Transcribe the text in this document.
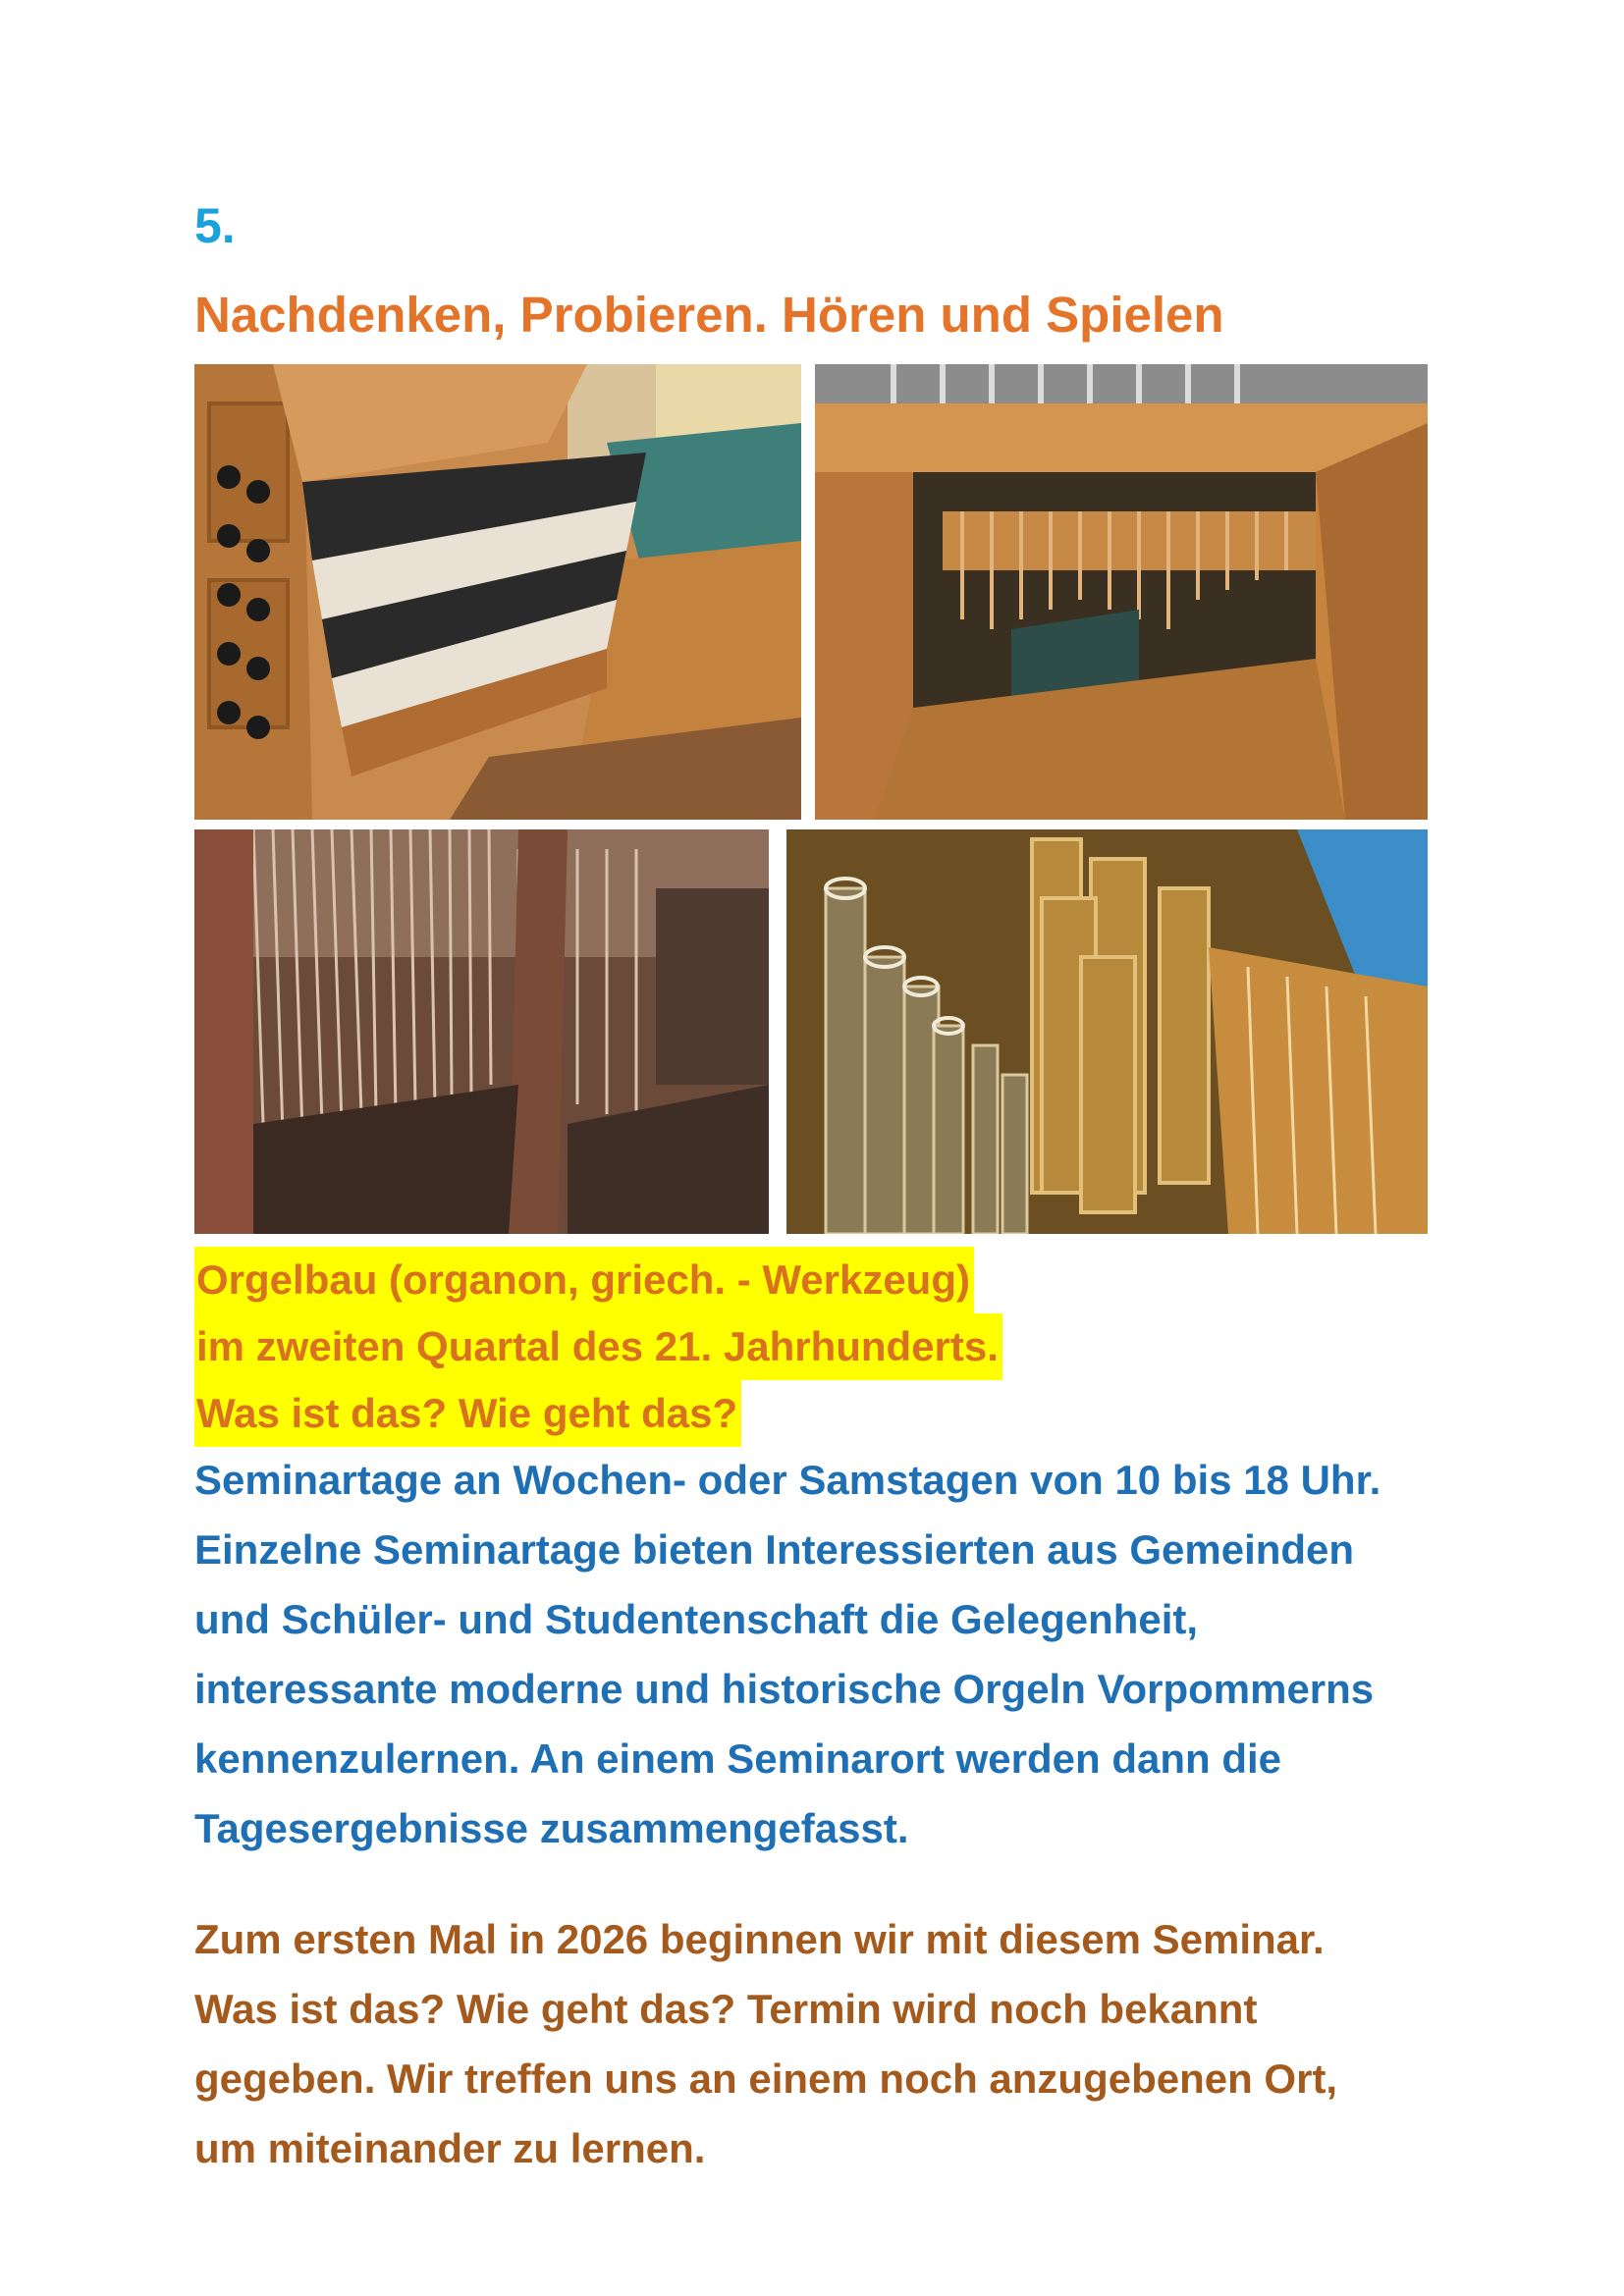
5.
Nachdenken, Probieren. Hören und Spielen
Orgelbau (organon, griech. - Werkzeug)
im zweiten Quartal des 21. Jahrhunderts.
Was ist das? Wie geht das?
Seminartage an Wochen- oder Samstagen von 10 bis 18 Uhr.
Einzelne Seminartage bieten Interessierten aus Gemeinden
und Schüler- und Studentenschaft die Gelegenheit,
interessante moderne und historische Orgeln Vorpommerns
kennenzulernen. An einem Seminarort werden dann die
Tagesergebnisse zusammengefasst.
Zum ersten Mal in 2026 beginnen wir mit diesem Seminar.
Was ist das? Wie geht das? Termin wird noch bekannt
gegeben. Wir treffen uns an einem noch anzugebenen Ort,
um miteinander zu lernen.
